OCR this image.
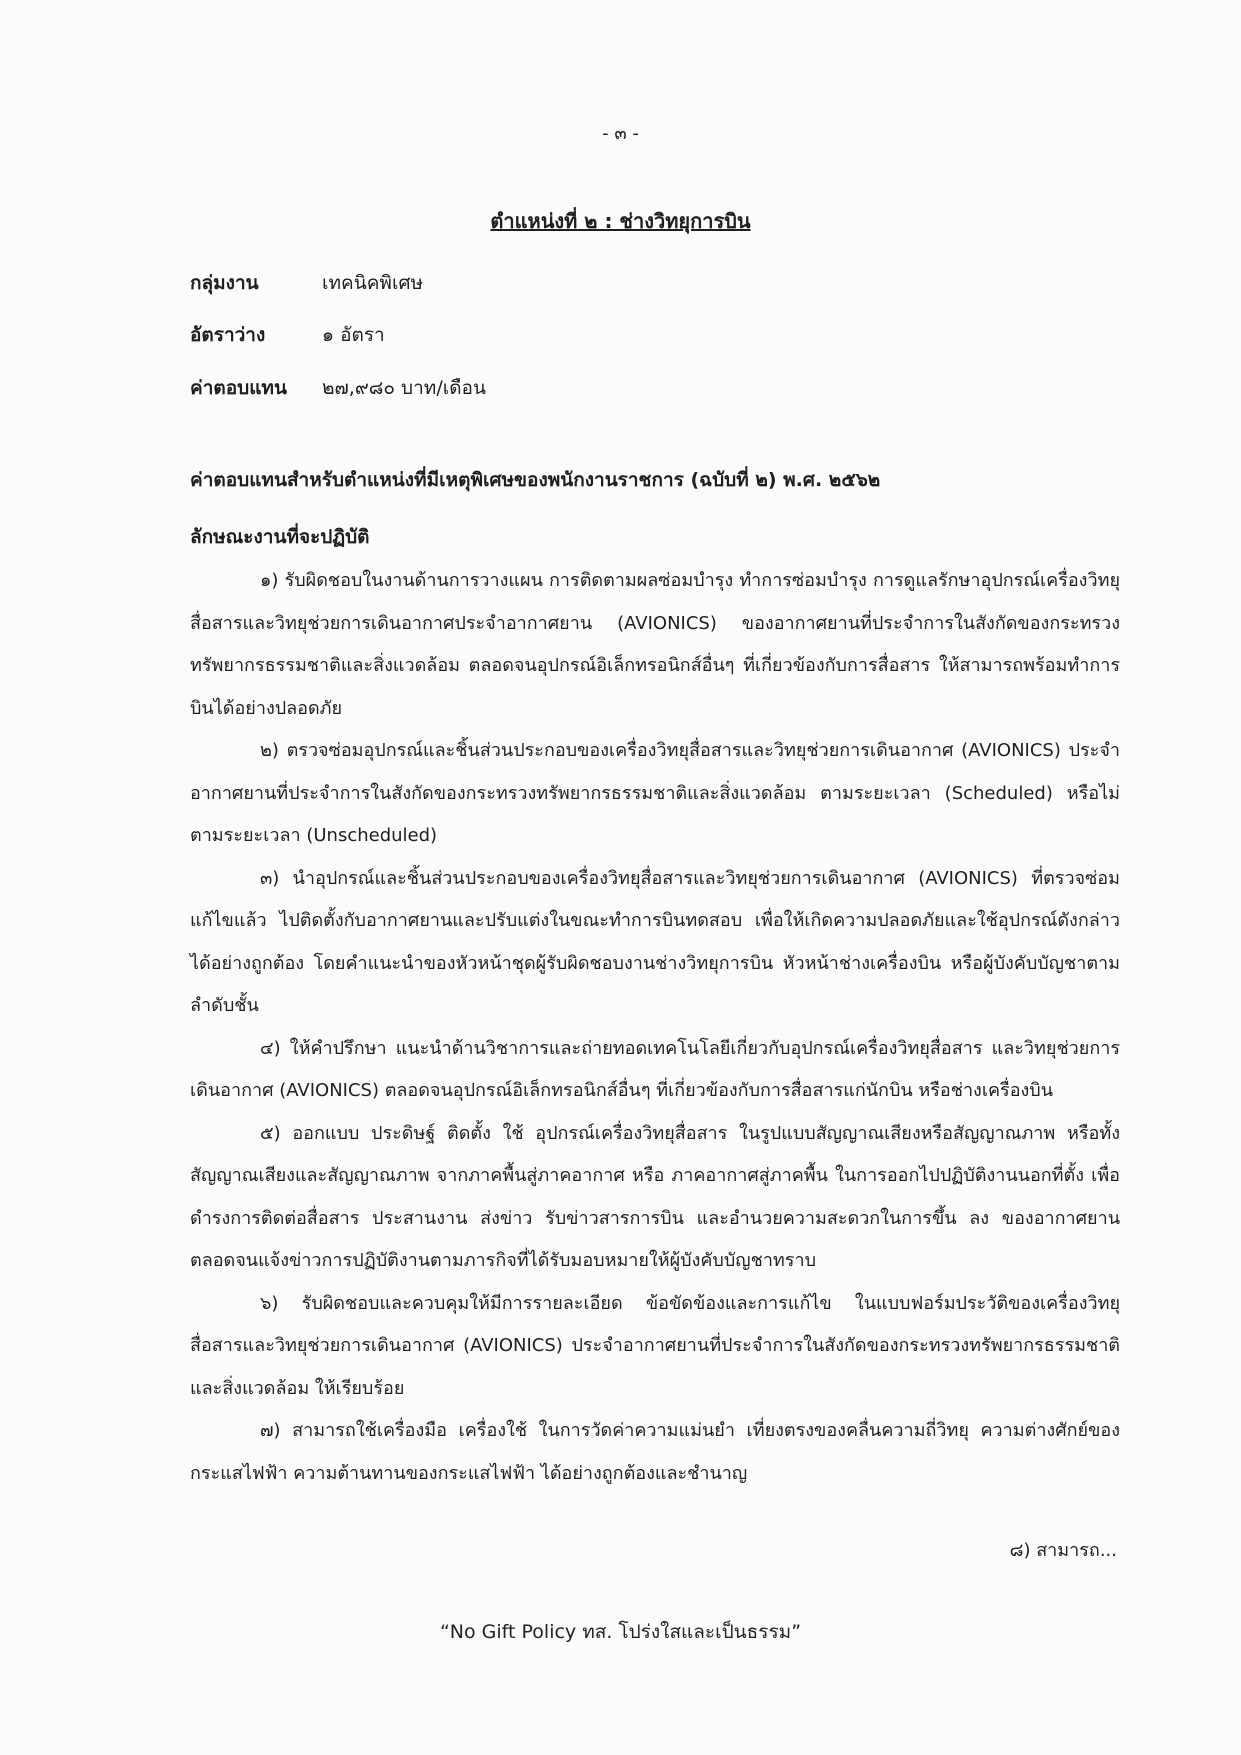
- ๓ -
ตำแหน่งที่ ๒ : ช่างวิทยุการบิน
กลุ่มงาน	เทคนิคพิเศษ
อัตราว่าง	๑ อัตรา
ค่าตอบแทน ๒๗,๙๘๐ บาท/เดือน
ค่าตอบแทนสำหรับตำแหน่งที่มีเหตุพิเศษของพนักงานราชการ (ฉบับที่ ๒) พ.ศ. ๒๕๖๒
ลักษณะงานที่จะปฏิบัติ

๑) รับผิดชอบในงานด้านการวางแผน การติดตามผลซ่อมบำรุง ทำการซ่อมบำรุง การดูแลรักษาอุปกรณ์เครื่องวิทยุสื่อสารและวิทยุช่วยการเดินอากาศประจำอากาศยาน (AVIONICS) ของอากาศยานที่ประจำการในสังกัดของกระทรวงทรัพยากรธรรมชาติและสิ่งแวดล้อม ตลอดจนอุปกรณ์อิเล็กทรอนิกส์อื่นๆ ที่เกี่ยวข้องกับการสื่อสาร ให้สามารถพร้อมทำการบินได้อย่างปลอดภัย

๒) ตรวจซ่อมอุปกรณ์และชิ้นส่วนประกอบของเครื่องวิทยุสื่อสารและวิทยุช่วยการเดินอากาศ (AVIONICS) ประจำอากาศยานที่ประจำการในสังกัดของกระทรวงทรัพยากรธรรมชาติและสิ่งแวดล้อม ตามระยะเวลา (Scheduled) หรือไม่ตามระยะเวลา (Unscheduled)

๓) นำอุปกรณ์และชิ้นส่วนประกอบของเครื่องวิทยุสื่อสารและวิทยุช่วยการเดินอากาศ (AVIONICS) ที่ตรวจซ่อมแก้ไขแล้ว ไปติดตั้งกับอากาศยานและปรับแต่งในขณะทำการบินทดสอบ เพื่อให้เกิดความปลอดภัยและใช้อุปกรณ์ดังกล่าวได้อย่างถูกต้อง โดยคำแนะนำของหัวหน้าชุดผู้รับผิดชอบงานช่างวิทยุการบิน หัวหน้าช่างเครื่องบิน หรือผู้บังคับบัญชาตามลำดับชั้น

๔) ให้คำปรึกษา แนะนำด้านวิชาการและถ่ายทอดเทคโนโลยีเกี่ยวกับอุปกรณ์เครื่องวิทยุสื่อสาร และวิทยุช่วยการเดินอากาศ (AVIONICS) ตลอดจนอุปกรณ์อิเล็กทรอนิกส์อื่นๆ ที่เกี่ยวข้องกับการสื่อสารแก่นักบิน หรือช่างเครื่องบิน

๕) ออกแบบ ประดิษฐ์ ติดตั้ง ใช้ อุปกรณ์เครื่องวิทยุสื่อสาร ในรูปแบบสัญญาณเสียงหรือสัญญาณภาพ หรือทั้งสัญญาณเสียงและสัญญาณภาพ จากภาคพื้นสู่ภาคอากาศ หรือ ภาคอากาศสู่ภาคพื้น ในการออกไปปฏิบัติงานนอกที่ตั้ง เพื่อดำรงการติดต่อสื่อสาร ประสานงาน ส่งข่าว รับข่าวสารการบิน และอำนวยความสะดวกในการขึ้น ลง ของอากาศยาน ตลอดจนแจ้งข่าวการปฏิบัติงานตามภารกิจที่ได้รับมอบหมายให้ผู้บังคับบัญชาทราบ

๖) รับผิดชอบและควบคุมให้มีการรายละเอียด ข้อขัดข้องและการแก้ไข ในแบบฟอร์มประวัติของเครื่องวิทยุสื่อสารและวิทยุช่วยการเดินอากาศ (AVIONICS) ประจำอากาศยานที่ประจำการในสังกัดของกระทรวงทรัพยากรธรรมชาติและสิ่งแวดล้อม ให้เรียบร้อย

๗) สามารถใช้เครื่องมือ เครื่องใช้ ในการวัดค่าความแม่นยำ เที่ยงตรงของคลื่นความถี่วิทยุ ความต่างศักย์ของกระแสไฟฟ้า ความต้านทานของกระแสไฟฟ้า ได้อย่างถูกต้องและชำนาญ

๘) สามารถ...
“No Gift Policy ทส. โปร่งใสและเป็นธรรม”
